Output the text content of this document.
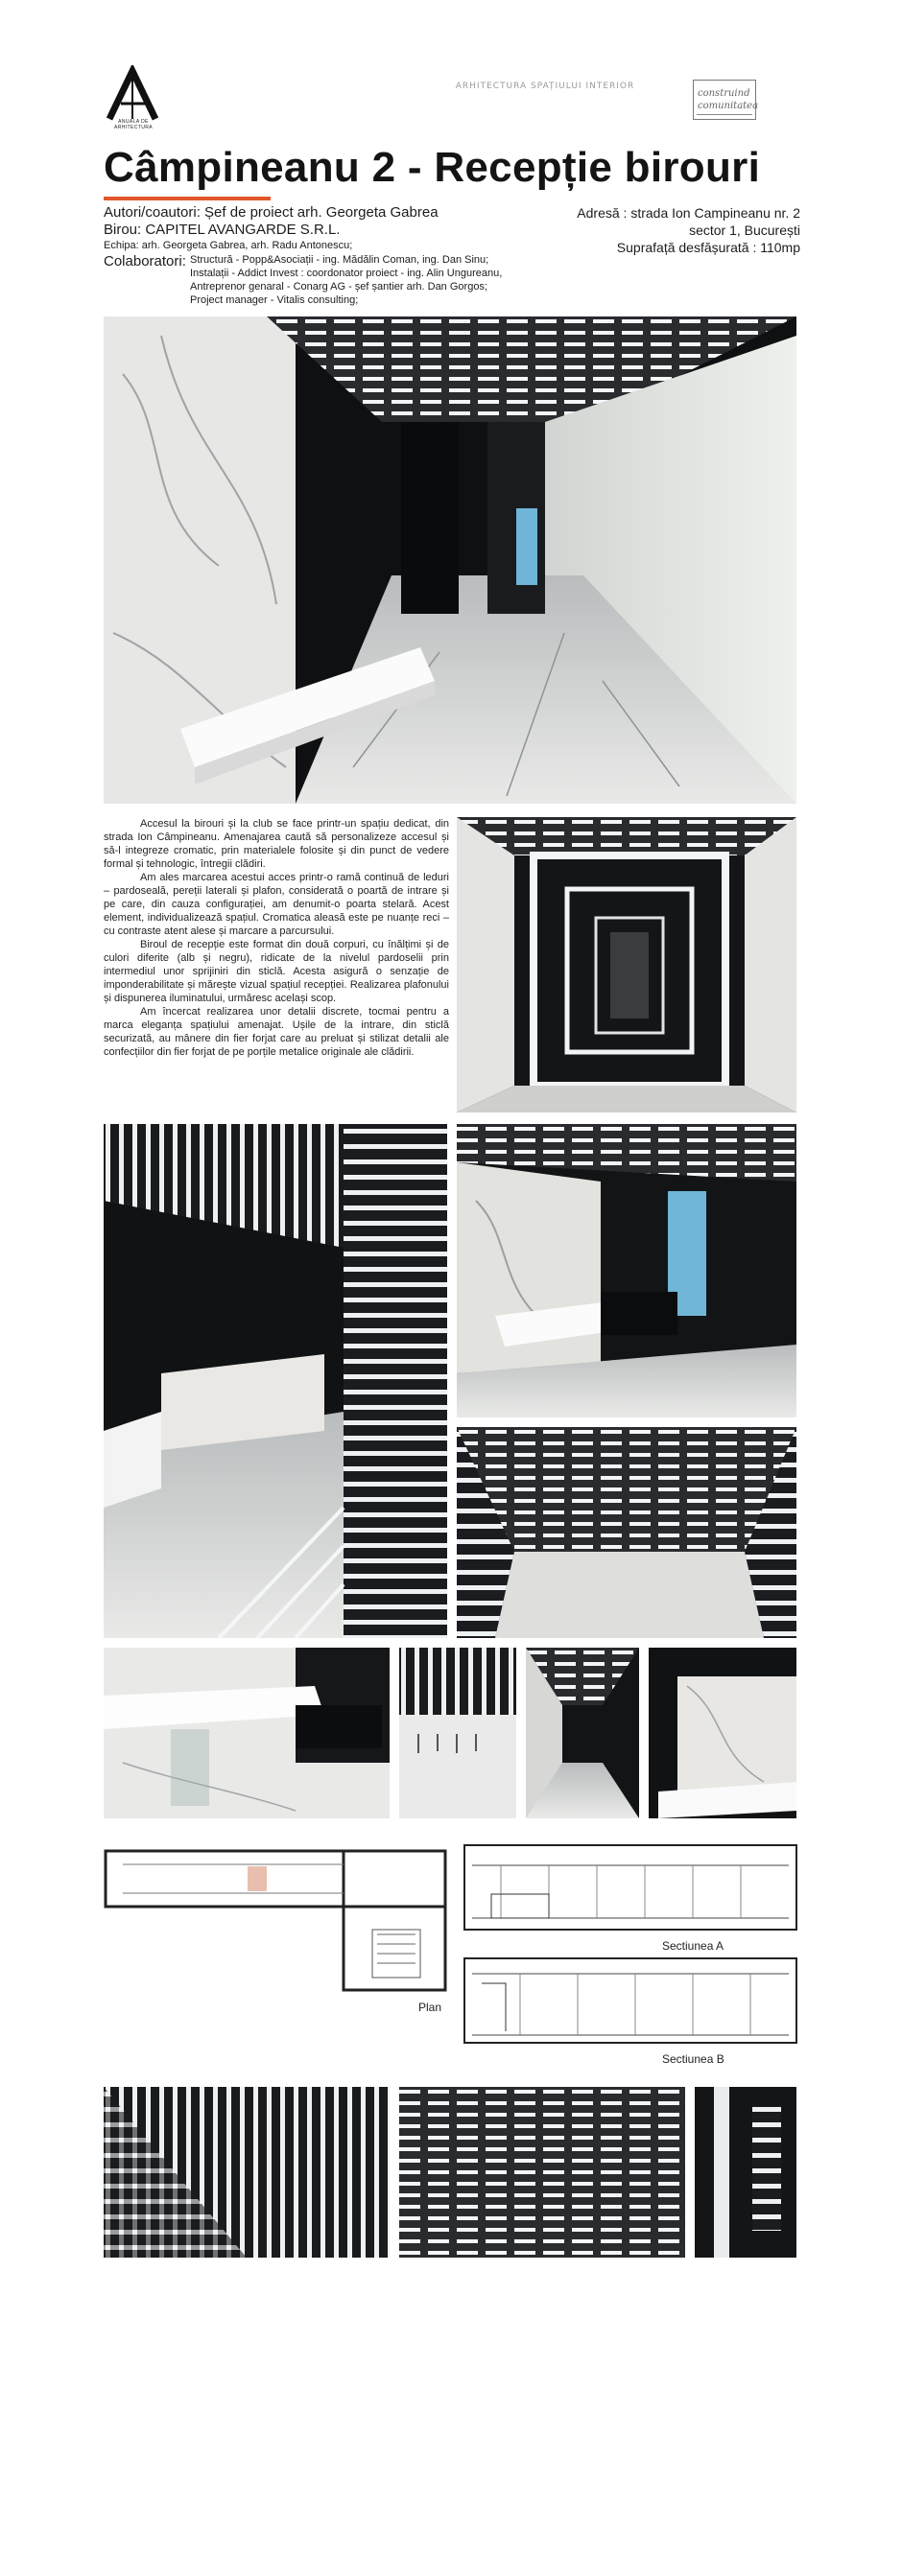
ANUALA DE ARHITECTURA
ARHITECTURA SPAȚIULUI INTERIOR
construind
comunitatea
Câmpineanu 2 - Recepție birouri
Autori/coautori: Șef de proiect arh. Georgeta Gabrea
Birou: CAPITEL AVANGARDE S.R.L.
Echipa: arh. Georgeta Gabrea, arh. Radu Antonescu;
Colaboratori: Structură - Popp&Asociații - ing. Mădălin Coman, ing. Dan Sinu;
Instalații - Addict Invest : coordonator proiect - ing. Alin Ungureanu,
Antreprenor genaral - Conarg AG - șef șantier arh. Dan Gorgos;
Project manager - Vitalis consulting;
Adresă : strada Ion Campineanu nr. 2
sector 1, București
Suprafață desfășurată : 110mp

Accesul la birouri și la club se face printr-un spațiu dedicat, din strada Ion Câmpineanu. Amenajarea caută să personalizeze accesul și să-l integreze cromatic, prin materialele folosite și din punct de vedere formal și tehnologic, întregii clădiri.

Am ales marcarea acestui acces printr-o ramă continuă de leduri – pardoseală, pereții laterali și plafon, considerată o poartă de intrare și pe care, din cauza configurației, am denumit-o poarta stelară. Acest element, individualizează spațiul. Cromatica aleasă este pe nuanțe reci – cu contraste atent alese și marcare a parcursului.

Biroul de recepție este format din două corpuri, cu înălțimi și de culori diferite (alb și negru), ridicate de la nivelul pardoselii prin intermediul unor sprijiniri din sticlă. Acesta asigură o senzație de imponderabilitate și mărește vizual spațiul recepției. Realizarea plafonului și dispunerea iluminatului, urmăresc același scop.

Am încercat realizarea unor detalii discrete, tocmai pentru a marca eleganța spațiului amenajat. Ușile de la intrare, din sticlă securizată, au mânere din fier forjat care au preluat și stilizat detalii ale confecțiilor din fier forjat de pe porțile metalice originale ale clădirii.

Plan
Sectiunea A
Sectiunea B
